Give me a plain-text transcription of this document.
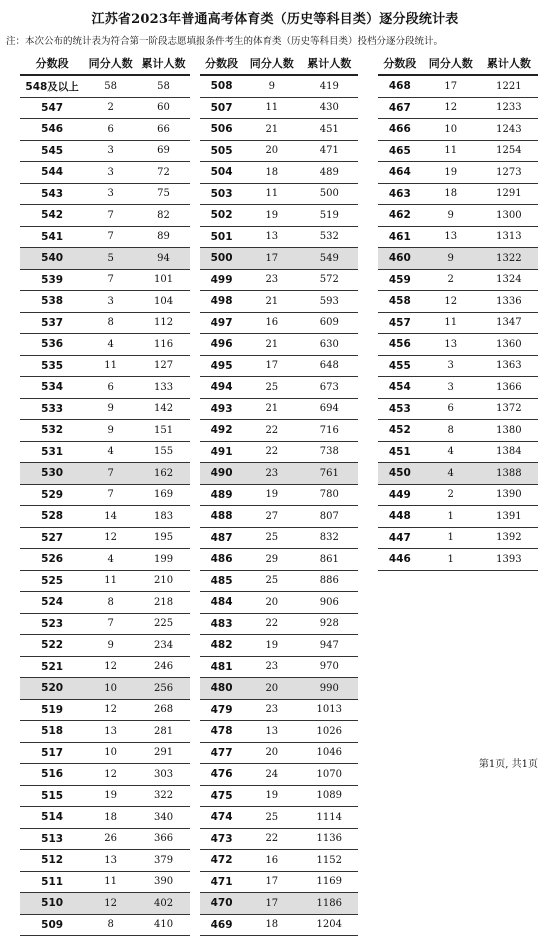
江苏省2023年普通高考体育类（历史等科目类）逐分段统计表
注：本次公布的统计表为符合第一阶段志愿填报条件考生的体育类（历史等科目类）投档分逐分段统计。
分数段	同分人数	累计人数
548及以上	58	58
547	2	60
546	6	66
545	3	69
544	3	72
543	3	75
542	7	82
541	7	89
540	5	94
539	7	101
538	3	104
537	8	112
536	4	116
535	11	127
534	6	133
533	9	142
532	9	151
531	4	155
530	7	162
529	7	169
528	14	183
527	12	195
526	4	199
525	11	210
524	8	218
523	7	225
522	9	234
521	12	246
520	10	256
519	12	268
518	13	281
517	10	291
516	12	303
515	19	322
514	18	340
513	26	366
512	13	379
511	11	390
510	12	402
509	8	410
分数段	同分人数	累计人数
508	9	419
507	11	430
506	21	451
505	20	471
504	18	489
503	11	500
502	19	519
501	13	532
500	17	549
499	23	572
498	21	593
497	16	609
496	21	630
495	17	648
494	25	673
493	21	694
492	22	716
491	22	738
490	23	761
489	19	780
488	27	807
487	25	832
486	29	861
485	25	886
484	20	906
483	22	928
482	19	947
481	23	970
480	20	990
479	23	1013
478	13	1026
477	20	1046
476	24	1070
475	19	1089
474	25	1114
473	22	1136
472	16	1152
471	17	1169
470	17	1186
469	18	1204
分数段	同分人数	累计人数
468	17	1221
467	12	1233
466	10	1243
465	11	1254
464	19	1273
463	18	1291
462	9	1300
461	13	1313
460	9	1322
459	2	1324
458	12	1336
457	11	1347
456	13	1360
455	3	1363
454	3	1366
453	6	1372
452	8	1380
451	4	1384
450	4	1388
449	2	1390
448	1	1391
447	1	1392
446	1	1393
第1页, 共1页
